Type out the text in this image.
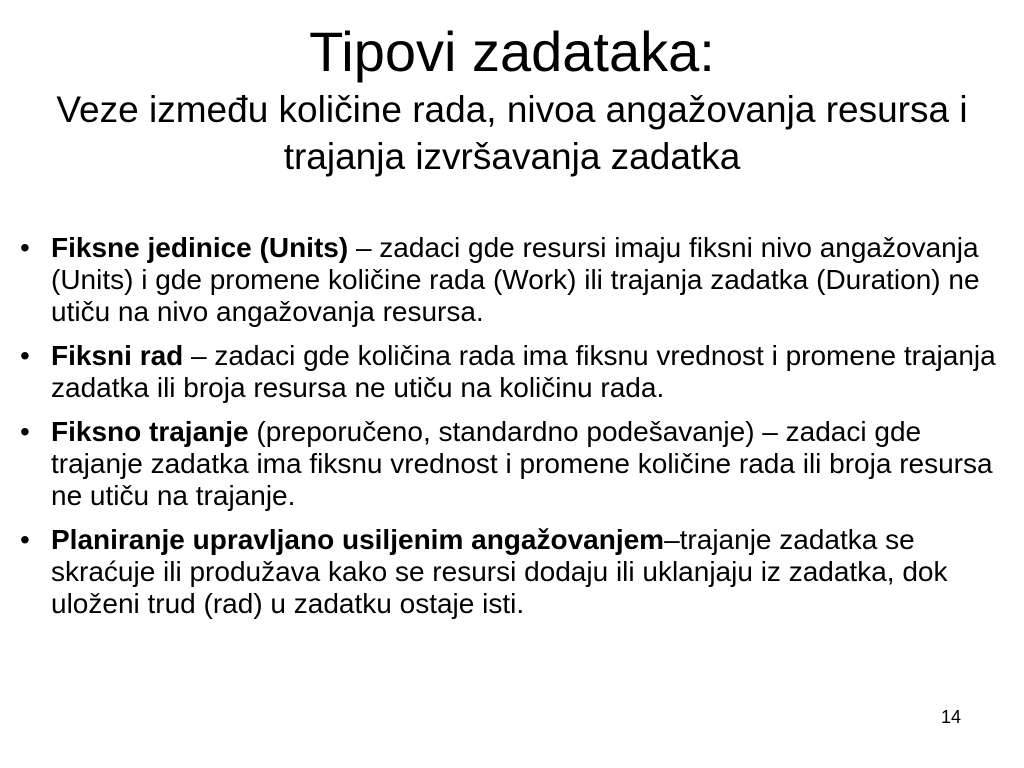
Tipovi zadataka:
Veze između količine rada, nivoa angažovanja resursa i trajanja izvršavanja zadatka
• Fiksne jedinice (Units) – zadaci gde resursi imaju fiksni nivo angažovanja (Units) i gde promene količine rada (Work) ili trajanja zadatka (Duration) ne utiču na nivo angažovanja resursa.
• Fiksni rad – zadaci gde količina rada ima fiksnu vrednost i promene trajanja zadatka ili broja resursa ne utiču na količinu rada.
• Fiksno trajanje (preporučeno, standardno podešavanje) – zadaci gde trajanje zadatka ima fiksnu vrednost i promene količine rada ili broja resursa ne utiču na trajanje.
• Planiranje upravljano usiljenim angažovanjem–trajanje zadatka se skraćuje ili produžava kako se resursi dodaju ili uklanjaju iz zadatka, dok uloženi trud (rad) u zadatku ostaje isti.
14
